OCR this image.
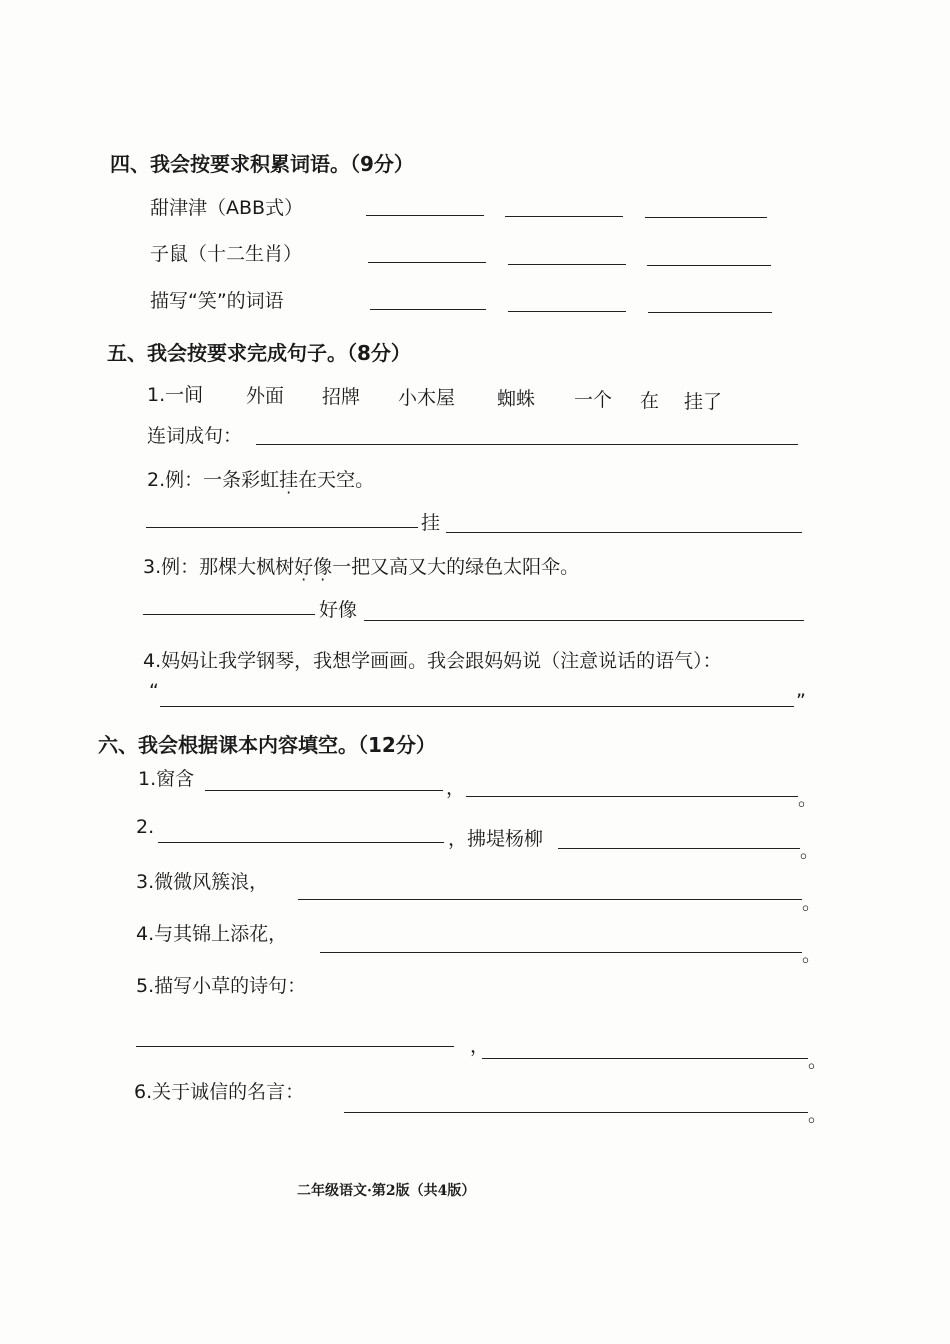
四、我会按要求积累词语。（9分）
甜津津（ABB式）
子鼠（十二生肖）
描写“笑”的词语
五、我会按要求完成句子。（8分）
1.一间 外面 招牌 小木屋 蜘蛛 一个 在 挂了
连词成句：
2.例：一条彩虹挂在天空。
挂
3.例：那棵大枫树好像一把又高又大的绿色太阳伞。
好像
4.妈妈让我学钢琴，我想学画画。我会跟妈妈说（注意说话的语气）：
“	”
六、我会根据课本内容填空。（12分）
1.窗含	，	。
2.
，拂堤杨柳
。
3.微微风簇浪，
。
4.与其锦上添花，
。
5.描写小草的诗句：
，
。
6.关于诚信的名言：
。
二年级语文·第2版（共4版）
